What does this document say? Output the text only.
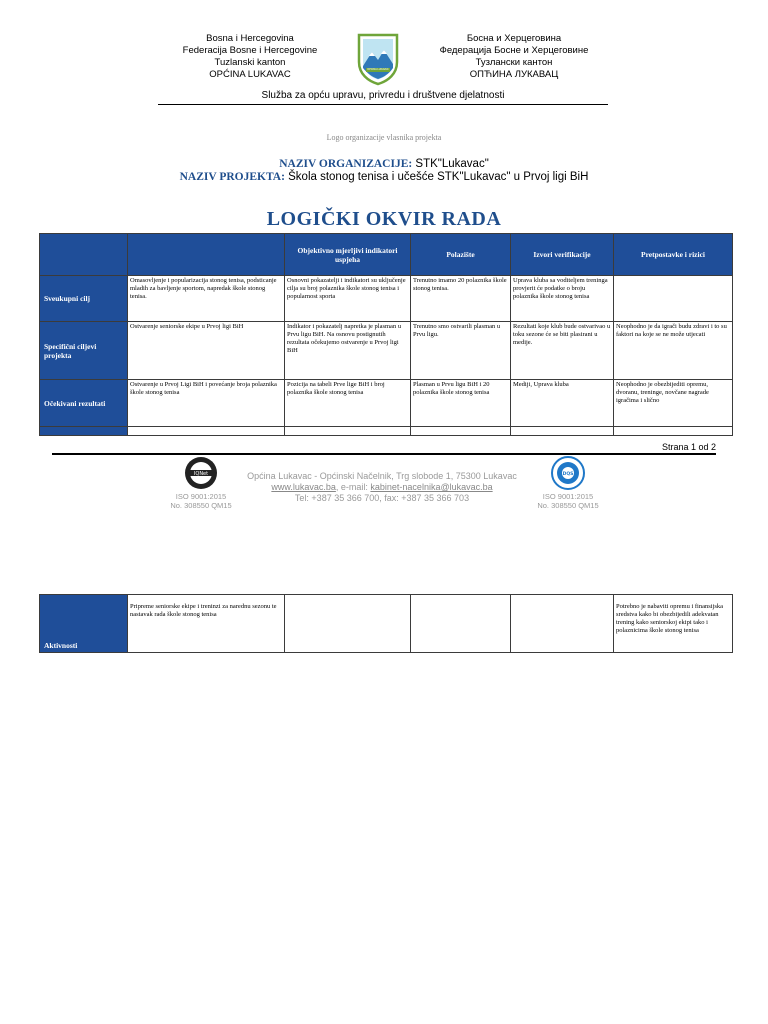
Bosna i Hercegovina
Federacija Bosne i Hercegovine
Tuzlanski kanton
OPĆINA LUKAVAC	OPĆINA LUKAVAC
Босна и Херцеговина
Федерација Босне и Херцеговине
Тузлански кантон
ОПЋИНА ЛУКАВАЦ
Služba za opću upravu, privredu i društvene djelatnosti
Logo organizacije vlasnika projekta
NAZIV ORGANIZACIJE: STK"Lukavac"
NAZIV PROJEKTA: Škola stonog tenisa i učešće STK"Lukavac" u Prvoj ligi BiH
LOGIČKI OKVIR RADA
		Objektivno mjerljivi indikatori uspjeha	Polazište	Izvori verifikacije	Pretpostavke i rizici
Sveukupni cilj	Omasovljenje i popularizacija stonog tenisa, podsticanje mladih za bavljenje sportom, napredak škole stonog tenisa.	Osnovni pokazatelji i indikatori su uključenje cilja su broj polaznika škole stonog tenisa i popularnost sporta	Trenutno imamo 20 polaznika škole stonog tenisa.	Uprava kluba sa voditeljem treninga provjerit će podatke o broju polaznika škole stonog tenisa	
Specifični ciljevi projekta	Ostvarenje seniorske ekipe u Prvoj ligi BiH	Indikator i pokazatelj napretka je plasman u Prvu ligu BiH. Na osnovu postignutih rezultata očekujemo ostvarenje u Prvoj ligi BiH	Trenutno smo ostvarili plasman u Prvu ligu.	Rezultati koje klub bude ostvarivao u toku sezone će se biti plasirani u medije.	Neophodno je da igrači budu zdravi i to su faktori na koje se ne može utjecati
Očekivani rezultati	Ostvarenje u Prvoj Ligi BiH i povećanje broja polaznika škole stonog tenisa	Pozicija na tabeli Prve lige BiH i broj polaznika škole stonog tenisa	Plasman u Prvu ligu BiH i 20 polaznika škole stonog tenisa	Mediji, Uprava kluba	Neophodno je obezbijediti opremu, dvoranu, treninge, novčane nagrade igračima i slično

Strana 1 od 2
IQNet
ISO 9001:2015
No. 308550 QM15
Općina Lukavac - Općinski Načelnik, Trg slobode 1, 75300 Lukavac
www.lukavac.ba, e-mail: kabinet-nacelnika@lukavac.ba
Tel: +387 35 366 700, fax: +387 35 366 703
DQS
ISO 9001:2015
No. 308550 QM15
Aktivnosti	Pripreme seniorske ekipe i treninzi za narednu sezonu te nastavak rada škole stonog tenisa				Potrebno je nabaviti opremu i finansijska sredstva kako bi obezbijedili adekvatan trening kako seniorskoj ekipi tako i polaznicima škole stonog tenisa
